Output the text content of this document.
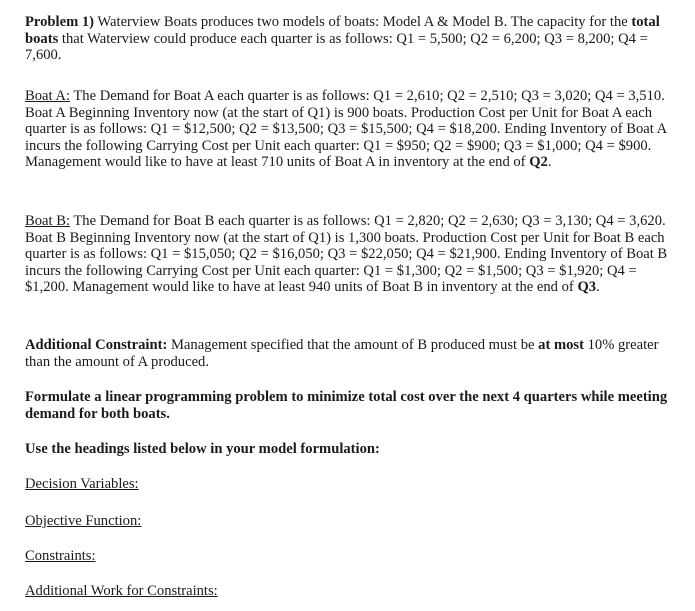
Problem 1) Waterview Boats produces two models of boats: Model A & Model B. The capacity for the total boats that Waterview could produce each quarter is as follows: Q1 = 5,500; Q2 = 6,200; Q3 = 8,200; Q4 = 7,600.

Boat A: The Demand for Boat A each quarter is as follows: Q1 = 2,610; Q2 = 2,510; Q3 = 3,020; Q4 = 3,510. Boat A Beginning Inventory now (at the start of Q1) is 900 boats. Production Cost per Unit for Boat A each quarter is as follows: Q1 = $12,500; Q2 = $13,500; Q3 = $15,500; Q4 = $18,200. Ending Inventory of Boat A incurs the following Carrying Cost per Unit each quarter: Q1 = $950; Q2 = $900; Q3 = $1,000; Q4 = $900. Management would like to have at least 710 units of Boat A in inventory at the end of Q2.

Boat B: The Demand for Boat B each quarter is as follows: Q1 = 2,820; Q2 = 2,630; Q3 = 3,130; Q4 = 3,620. Boat B Beginning Inventory now (at the start of Q1) is 1,300 boats. Production Cost per Unit for Boat B each quarter is as follows: Q1 = $15,050; Q2 = $16,050; Q3 = $22,050; Q4 = $21,900. Ending Inventory of Boat B incurs the following Carrying Cost per Unit each quarter: Q1 = $1,300; Q2 = $1,500; Q3 = $1,920; Q4 = $1,200. Management would like to have at least 940 units of Boat B in inventory at the end of Q3.

Additional Constraint: Management specified that the amount of B produced must be at most 10% greater than the amount of A produced.

Formulate a linear programming problem to minimize total cost over the next 4 quarters while meeting demand for both boats.

Use the headings listed below in your model formulation:

Decision Variables:

Objective Function:

Constraints:

Additional Work for Constraints:
